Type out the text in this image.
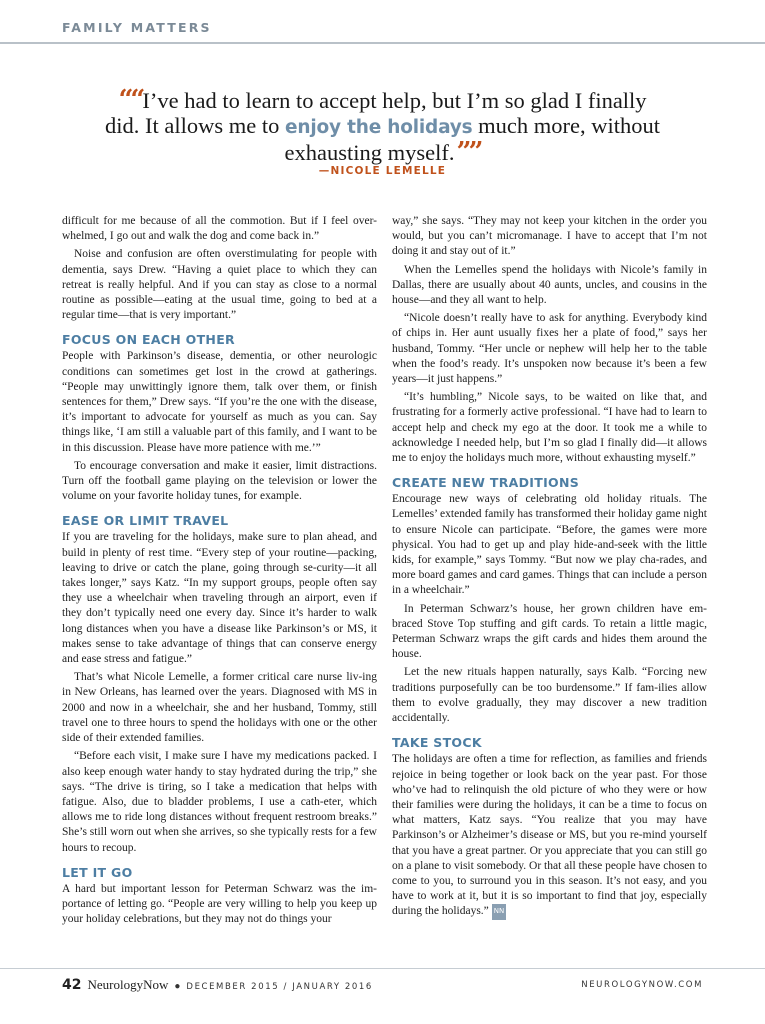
FAMILY MATTERS
““I’ve had to learn to accept help, but I’m so glad I finally did. It allows me to enjoy the holidays much more, without exhausting myself.””
—NICOLE LEMELLE

difficult for me because of all the commotion. But if I feel over-whelmed, I go out and walk the dog and come back in.”

Noise and confusion are often overstimulating for people with dementia, says Drew. “Having a quiet place to which they can retreat is really helpful. And if you can stay as close to a normal routine as possible—eating at the usual time, going to bed at a regular time—that is very important.”

FOCUS ON EACH OTHER

People with Parkinson’s disease, dementia, or other neurologic conditions can sometimes get lost in the crowd at gatherings. “People may unwittingly ignore them, talk over them, or finish sentences for them,” Drew says. “If you’re the one with the disease, it’s important to advocate for yourself as much as you can. Say things like, ‘I am still a valuable part of this family, and I want to be in this discussion. Please have more patience with me.’”

To encourage conversation and make it easier, limit distractions. Turn off the football game playing on the television or lower the volume on your favorite holiday tunes, for example.

EASE OR LIMIT TRAVEL

If you are traveling for the holidays, make sure to plan ahead, and build in plenty of rest time. “Every step of your routine—packing, leaving to drive or catch the plane, going through se-curity—it all takes longer,” says Katz. “In my support groups, people often say they use a wheelchair when traveling through an airport, even if they don’t typically need one every day. Since it’s harder to walk long distances when you have a disease like Parkinson’s or MS, it makes sense to take advantage of things that can conserve energy and ease stress and fatigue.”

That’s what Nicole Lemelle, a former critical care nurse liv-ing in New Orleans, has learned over the years. Diagnosed with MS in 2000 and now in a wheelchair, she and her husband, Tommy, still travel one to three hours to spend the holidays with one or the other side of their extended families.

“Before each visit, I make sure I have my medications packed. I also keep enough water handy to stay hydrated during the trip,” she says. “The drive is tiring, so I take a medication that helps with fatigue. Also, due to bladder problems, I use a cath-eter, which allows me to ride long distances without frequent restroom breaks.” She’s still worn out when she arrives, so she typically rests for a few hours to recoup.

LET IT GO

A hard but important lesson for Peterman Schwarz was the im-portance of letting go. “People are very willing to help you keep up your holiday celebrations, but they may not do things your

way,” she says. “They may not keep your kitchen in the order you would, but you can’t micromanage. I have to accept that I’m not doing it and stay out of it.”

When the Lemelles spend the holidays with Nicole’s family in Dallas, there are usually about 40 aunts, uncles, and cousins in the house—and they all want to help.

“Nicole doesn’t really have to ask for anything. Everybody kind of chips in. Her aunt usually fixes her a plate of food,” says her husband, Tommy. “Her uncle or nephew will help her to the table when the food’s ready. It’s unspoken now because it’s been a few years—it just happens.”

“It’s humbling,” Nicole says, to be waited on like that, and frustrating for a formerly active professional. “I have had to learn to accept help and check my ego at the door. It took me a while to acknowledge I needed help, but I’m so glad I finally did—it allows me to enjoy the holidays much more, without exhausting myself.”

CREATE NEW TRADITIONS

Encourage new ways of celebrating old holiday rituals. The Lemelles’ extended family has transformed their holiday game night to ensure Nicole can participate. “Before, the games were more physical. You had to get up and play hide-and-seek with the little kids, for example,” says Tommy. “But now we play cha-rades, and more board games and card games. Things that can include a person in a wheelchair.”

In Peterman Schwarz’s house, her grown children have em-braced Stove Top stuffing and gift cards. To retain a little magic, Peterman Schwarz wraps the gift cards and hides them around the house.

Let the new rituals happen naturally, says Kalb. “Forcing new traditions purposefully can be too burdensome.” If fam-ilies allow them to evolve gradually, they may discover a new tradition accidentally.

TAKE STOCK

The holidays are often a time for reflection, as families and friends rejoice in being together or look back on the year past. For those who’ve had to relinquish the old picture of who they were or how their families were during the holidays, it can be a time to focus on what matters, Katz says. “You realize that you may have Parkinson’s or Alzheimer’s disease or MS, but you re-mind yourself that you have a great partner. Or you appreciate that you can still go on a plane to visit somebody. Or that all these people have chosen to come to you, to surround you in this season. It’s not easy, and you have to work at it, but it is so important to find that joy, especially during the holidays.” NN

42 NeurologyNow ● DECEMBER 2015 / JANUARY 2016	NEUROLOGYNOW.COM
